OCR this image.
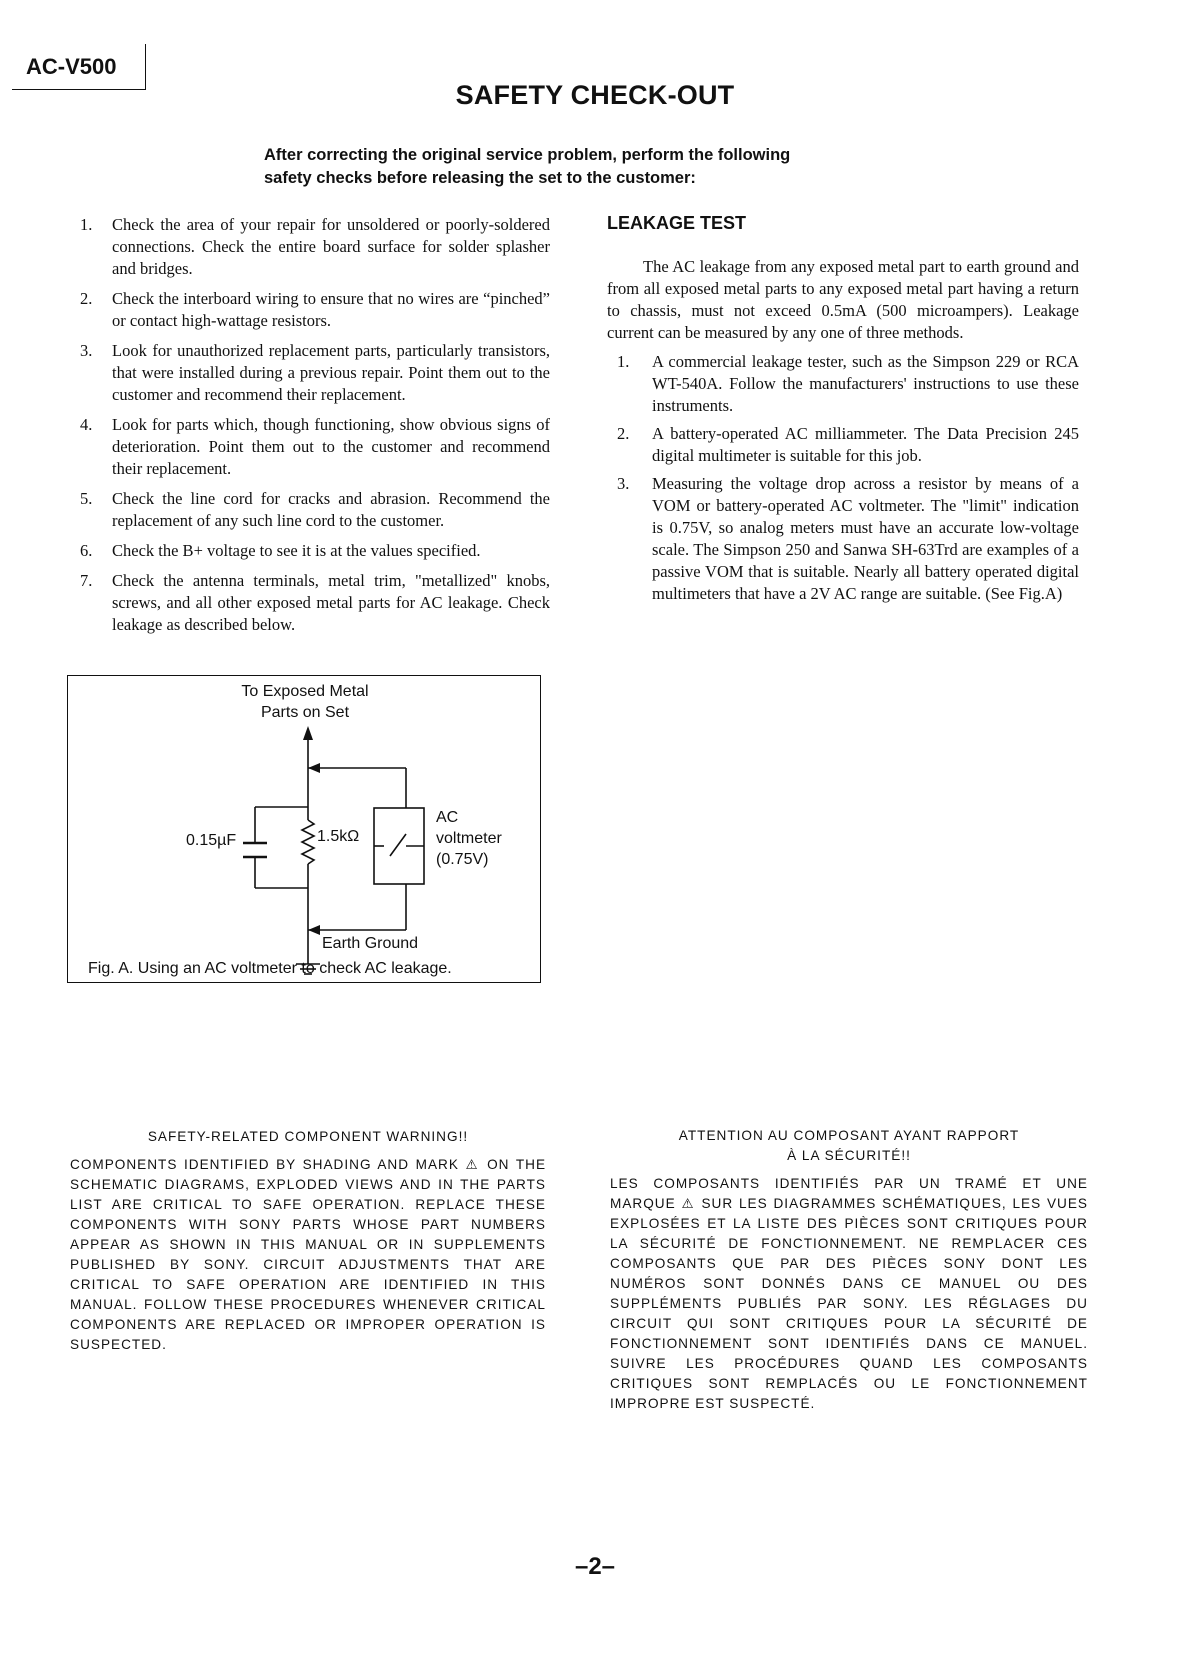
AC-V500
SAFETY CHECK-OUT
After correcting the original service problem, perform the following
safety checks before releasing the set to the customer:
1. Check the area of your repair for unsoldered or poorly-soldered connections. Check the entire board surface for solder splasher and bridges.
2. Check the interboard wiring to ensure that no wires are “pinched” or contact high-wattage resistors.
3. Look for unauthorized replacement parts, particularly transistors, that were installed during a previous repair. Point them out to the customer and recommend their replacement.
4. Look for parts which, though functioning, show obvious signs of deterioration. Point them out to the customer and recommend their replacement.
5. Check the line cord for cracks and abrasion. Recommend the replacement of any such line cord to the customer.
6. Check the B+ voltage to see it is at the values specified.
7. Check the antenna terminals, metal trim, "metallized" knobs, screws, and all other exposed metal parts for AC leakage. Check leakage as described below.
LEAKAGE TEST

The AC leakage from any exposed metal part to earth ground and from all exposed metal parts to any exposed metal part having a return to chassis, must not exceed 0.5mA (500 microampers). Leakage current can be measured by any one of three methods.

1. A commercial leakage tester, such as the Simpson 229 or RCA WT-540A. Follow the manufacturers' instructions to use these instruments.
2. A battery-operated AC milliammeter. The Data Precision 245 digital multimeter is suitable for this job.
3. Measuring the voltage drop across a resistor by means of a VOM or battery-operated AC voltmeter. The "limit" indication is 0.75V, so analog meters must have an accurate low-voltage scale. The Simpson 250 and Sanwa SH-63Trd are examples of a passive VOM that is suitable. Nearly all battery operated digital multimeters that have a 2V AC range are suitable. (See Fig.A)
To Exposed Metal
Parts on Set
0.15µF	1.5kΩ
AC
voltmeter
(0.75V)
Earth Ground
Fig. A. Using an AC voltmeter to check AC leakage.
SAFETY-RELATED COMPONENT WARNING!!
COMPONENTS IDENTIFIED BY SHADING AND MARK ⚠ ON THE SCHEMATIC DIAGRAMS, EXPLODED VIEWS AND IN THE PARTS LIST ARE CRITICAL TO SAFE OPERATION. REPLACE THESE COMPONENTS WITH SONY PARTS WHOSE PART NUMBERS APPEAR AS SHOWN IN THIS MANUAL OR IN SUPPLEMENTS PUBLISHED BY SONY. CIRCUIT ADJUSTMENTS THAT ARE CRITICAL TO SAFE OPERATION ARE IDENTIFIED IN THIS MANUAL. FOLLOW THESE PROCEDURES WHENEVER CRITICAL COMPONENTS ARE REPLACED OR IMPROPER OPERATION IS SUSPECTED.
ATTENTION AU COMPOSANT AYANT RAPPORT
À LA SÉCURITÉ!!
LES COMPOSANTS IDENTIFIÉS PAR UN TRAMÉ ET UNE MARQUE ⚠ SUR LES DIAGRAMMES SCHÉMATIQUES, LES VUES EXPLOSÉES ET LA LISTE DES PIÈCES SONT CRITIQUES POUR LA SÉCURITÉ DE FONCTIONNEMENT. NE REMPLACER CES COMPOSANTS QUE PAR DES PIÈCES SONY DONT LES NUMÉROS SONT DONNÉS DANS CE MANUEL OU DES SUPPLÉMENTS PUBLIÉS PAR SONY. LES RÉGLAGES DU CIRCUIT QUI SONT CRITIQUES POUR LA SÉCURITÉ DE FONCTIONNEMENT SONT IDENTIFIÉS DANS CE MANUEL. SUIVRE LES PROCÉDURES QUAND LES COMPOSANTS CRITIQUES SONT REMPLACÉS OU LE FONCTIONNEMENT IMPROPRE EST SUSPECTÉ.
–2–
